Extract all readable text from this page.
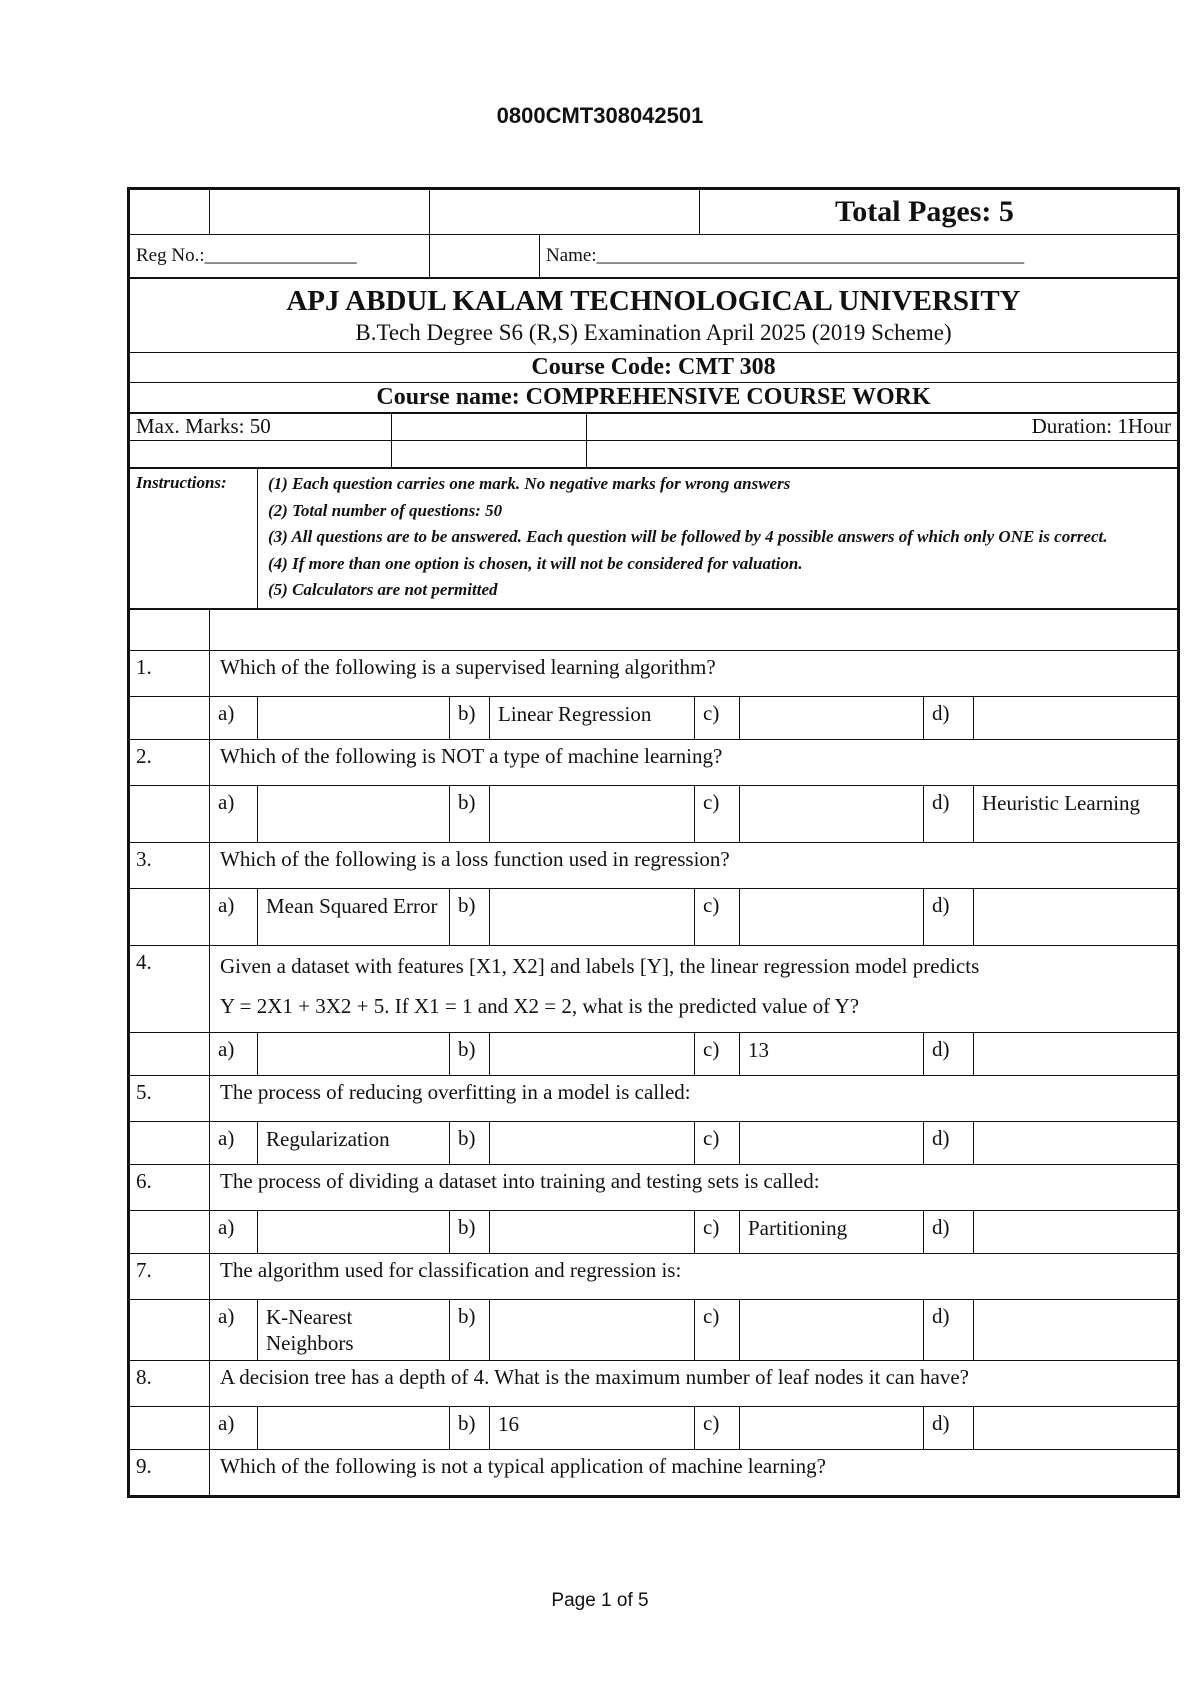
0800CMT308042501
				Total Pages: 5
Reg No.:________________			Name:_____________________________________________	
APJ ABDUL KALAM TECHNOLOGICAL UNIVERSITY
B.Tech Degree S6 (R,S) Examination April 2025 (2019 Scheme)

Course Code: CMT 308
Course name: COMPREHENSIVE COURSE WORK
Max. Marks: 50		Duration: 1Hour

Instructions:	(1) Each question carries one mark. No negative marks for wrong answers
(2) Total number of questions: 50
(3) All questions are to be answered. Each question will be followed by 4 possible answers of which only ONE is correct.
(4) If more than one option is chosen, it will not be considered for valuation.
(5) Calculators are not permitted

1.	Which of the following is a supervised learning algorithm?							
	a)		b)	Linear Regression	c)		d)	
2.	Which of the following is NOT a type of machine learning?							
	a)		b)		c)		d)	Heuristic Learning
3.	Which of the following is a loss function used in regression?							
	a)	Mean Squared Error	b)		c)		d)	
4.	Given a dataset with features [X1, X2] and labels [Y], the linear regression model predicts
Y = 2X1 + 3X2 + 5. If X1 = 1 and X2 = 2, what is the predicted value of Y?							

	a)		b)		c)	13	d)	
5.	The process of reducing overfitting in a model is called:							
	a)	Regularization	b)		c)		d)	
6.	The process of dividing a dataset into training and testing sets is called:							
	a)		b)		c)	Partitioning	d)	
7.	The algorithm used for classification and regression is:							
	a)	K-Nearest Neighbors	b)		c)		d)	
8.	A decision tree has a depth of 4. What is the maximum number of leaf nodes it can have?							
	a)		b)	16	c)		d)	
9.	Which of the following is not a typical application of machine learning?							
Page 1 of 5
